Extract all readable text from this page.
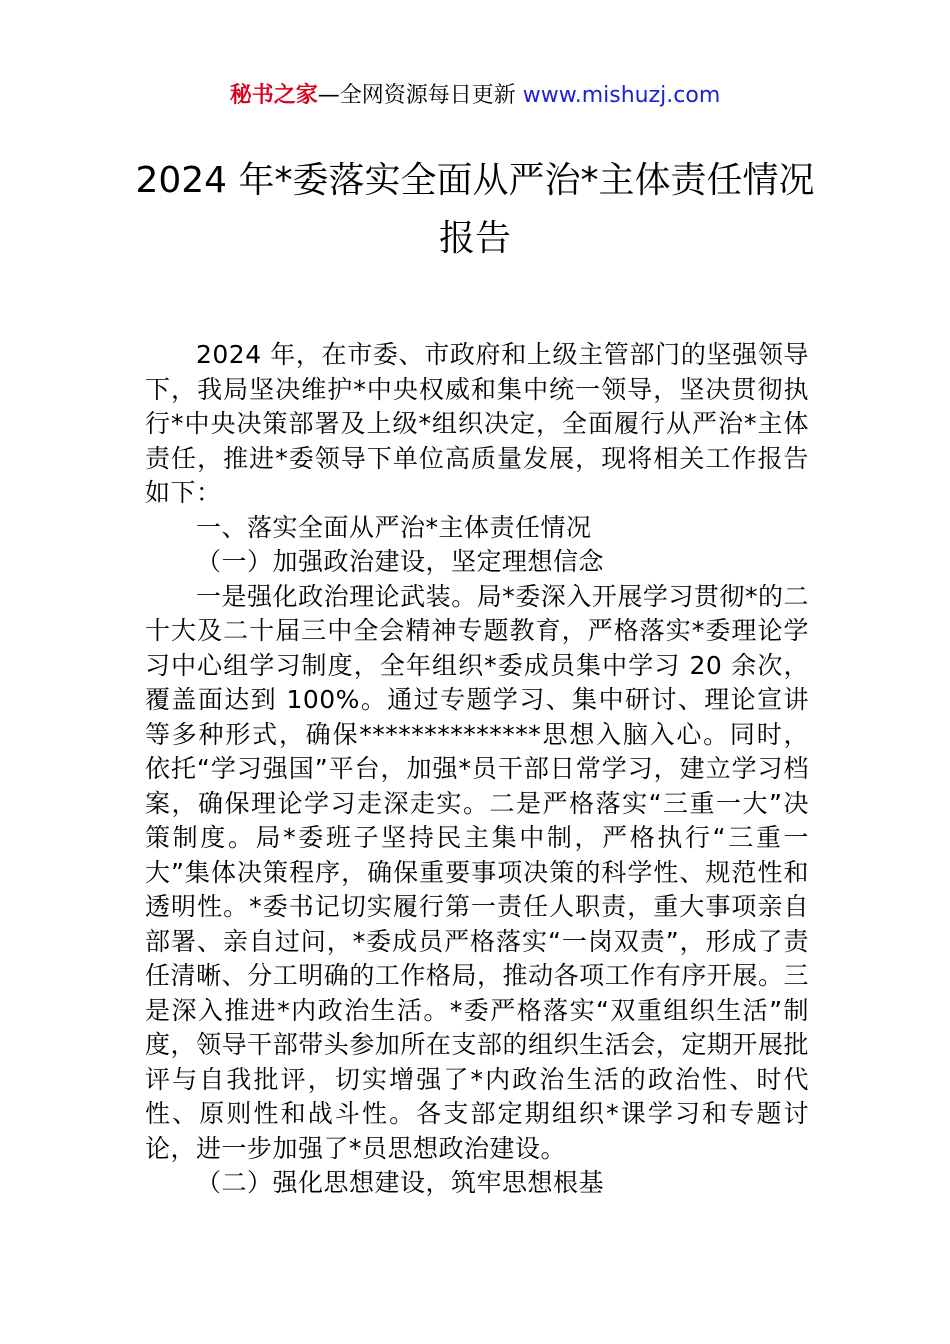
秘书之家—全网资源每日更新 www.mishuzj.com
2024 年*委落实全面从严治*主体责任情况
报告

2024 年，在市委、市政府和上级主管部门的坚强领导下，我局坚决维护*中央权威和集中统一领导，坚决贯彻执行*中央决策部署及上级*组织决定，全面履行从严治*主体责任，推进*委领导下单位高质量发展，现将相关工作报告如下：

一、落实全面从严治*主体责任情况

（一）加强政治建设，坚定理想信念

一是强化政治理论武装。局*委深入开展学习贯彻*的二十大及二十届三中全会精神专题教育，严格落实*委理论学习中心组学习制度，全年组织*委成员集中学习 20 余次，覆盖面达到 100%。通过专题学习、集中研讨、理论宣讲等多种形式，确保**************思想入脑入心。同时，依托“学习强国”平台，加强*员干部日常学习，建立学习档案，确保理论学习走深走实。二是严格落实“三重一大”决策制度。局*委班子坚持民主集中制，严格执行“三重一大”集体决策程序，确保重要事项决策的科学性、规范性和透明性。*委书记切实履行第一责任人职责，重大事项亲自部署、亲自过问，*委成员严格落实“一岗双责”，形成了责任清晰、分工明确的工作格局，推动各项工作有序开展。三是深入推进*内政治生活。*委严格落实“双重组织生活”制度，领导干部带头参加所在支部的组织生活会，定期开展批评与自我批评，切实增强了*内政治生活的政治性、时代性、原则性和战斗性。各支部定期组织*课学习和专题讨论，进一步加强了*员思想政治建设。

（二）强化思想建设，筑牢思想根基
